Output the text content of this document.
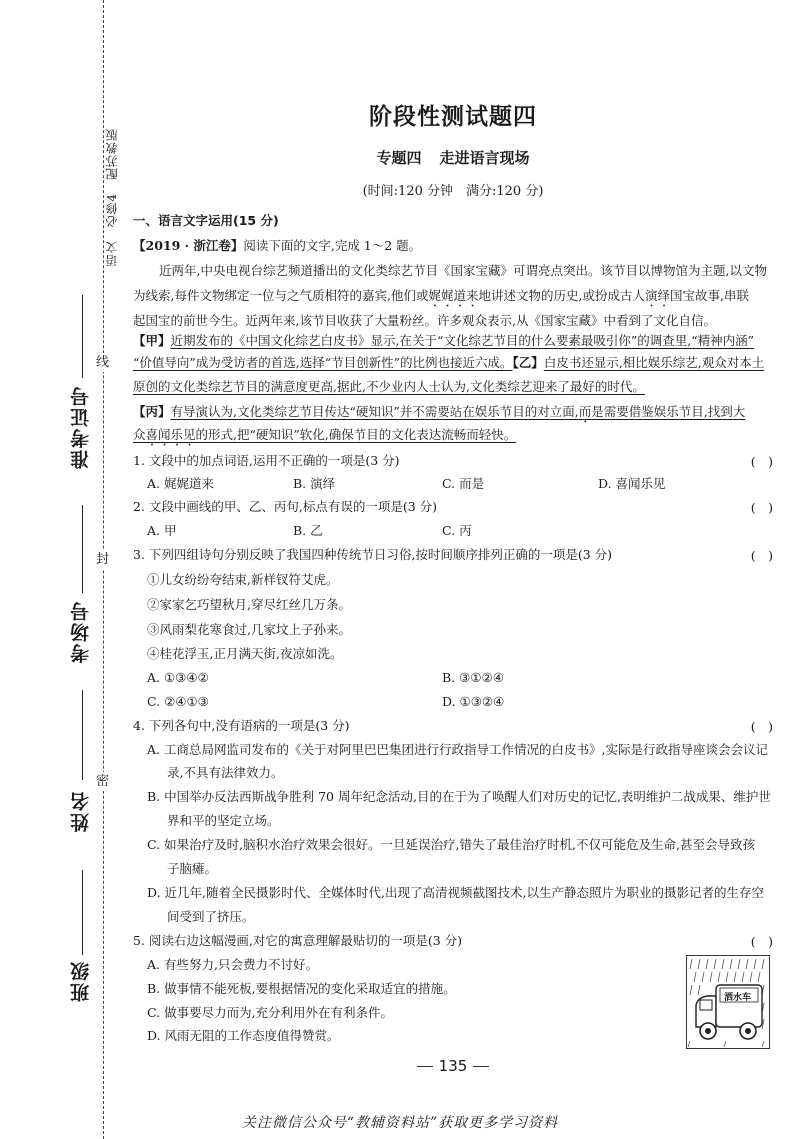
语文　必修4　配苏教版
线
封
密
准考证号
考场号
姓名
班级
阶段性测试题四
专题四 走进语言现场
(时间:120 分钟　满分:120 分)
一、语言文字运用(15 分)
【2019 · 浙江卷】阅读下面的文字,完成 1～2 题。
近两年,中央电视台综艺频道播出的文化类综艺节目《国家宝藏》可谓亮点突出。该节目以博物馆为主题,以文物
为线索,每件文物绑定一位与之气质相符的嘉宾,他们或娓娓道来地讲述文物的历史,或扮成古人演绎国宝故事,串联
起国宝的前世今生。近两年来,该节目收获了大量粉丝。许多观众表示,从《国家宝藏》中看到了文化自信。
【甲】近期发布的《中国文化综艺白皮书》显示,在关于“文化综艺节目的什么要素最吸引你”的调查里,“精神内涵”
“价值导向”成为受访者的首选,选择“节目创新性”的比例也接近六成。【乙】白皮书还显示,相比娱乐综艺,观众对本土
原创的文化类综艺节目的满意度更高,据此,不少业内人士认为,文化类综艺迎来了最好的时代。
【丙】有导演认为,文化类综艺节目传达“硬知识”并不需要站在娱乐节目的对立面,而是需要借鉴娱乐节目,找到大
众喜闻乐见的形式,把“硬知识”软化,确保节目的文化表达流畅而轻快。
1. 文段中的加点词语,运用不正确的一项是(3 分)	(　)
A. 娓娓道来	B. 演绎	C. 而是	D. 喜闻乐见
2. 文段中画线的甲、乙、丙句,标点有误的一项是(3 分)	(　)
A. 甲	B. 乙	C. 丙
3. 下列四组诗句分别反映了我国四种传统节日习俗,按时间顺序排列正确的一项是(3 分)	(　)
①儿女纷纷夸结束,新样钗符艾虎。
②家家乞巧望秋月,穿尽红丝几万条。
③风雨梨花寒食过,几家坟上子孙来。
④桂花浮玉,正月满天街,夜凉如洗。
A. ①③④②	B. ③①②④
C. ②④①③	D. ①③②④
4. 下列各句中,没有语病的一项是(3 分)	(　)
A. 工商总局网监司发布的《关于对阿里巴巴集团进行行政指导工作情况的白皮书》,实际是行政指导座谈会会议记
录,不具有法律效力。
B. 中国举办反法西斯战争胜利 70 周年纪念活动,目的在于为了唤醒人们对历史的记忆,表明维护二战成果、维护世
界和平的坚定立场。
C. 如果治疗及时,脑积水治疗效果会很好。一旦延误治疗,错失了最佳治疗时机,不仅可能危及生命,甚至会导致孩
子脑瘫。
D. 近几年,随着全民摄影时代、全媒体时代,出现了高清视频截图技术,以生产静态照片为职业的摄影记者的生存空
间受到了挤压。
5. 阅读右边这幅漫画,对它的寓意理解最贴切的一项是(3 分)	(　)
A. 有些努力,只会费力不讨好。
B. 做事情不能死板,要根据情况的变化采取适宜的措施。
C. 做事要尽力而为,充分利用外在有利条件。
D. 风雨无阻的工作态度值得赞赏。
洒水车
135
关注微信公众号“教辅资料站”获取更多学习资料
